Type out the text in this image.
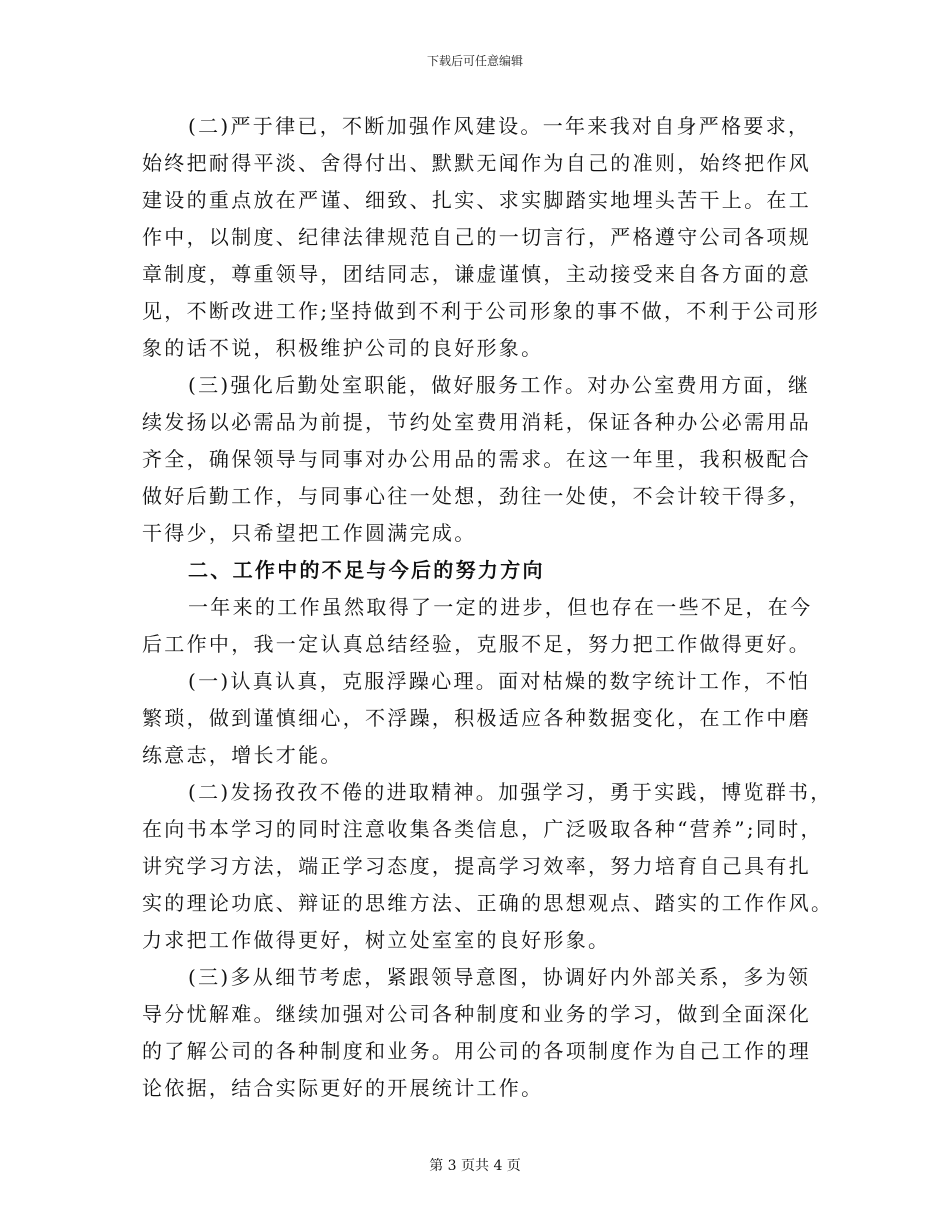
下载后可任意编辑
(二)严于律已，不断加强作风建设。一年来我对自身严格要求，
始终把耐得平淡、舍得付出、默默无闻作为自己的准则，始终把作风
建设的重点放在严谨、细致、扎实、求实脚踏实地埋头苦干上。在工
作中，以制度、纪律法律规范自己的一切言行，严格遵守公司各项规
章制度，尊重领导，团结同志，谦虚谨慎，主动接受来自各方面的意
见，不断改进工作;坚持做到不利于公司形象的事不做，不利于公司形
象的话不说，积极维护公司的良好形象。
(三)强化后勤处室职能，做好服务工作。对办公室费用方面，继
续发扬以必需品为前提，节约处室费用消耗，保证各种办公必需用品
齐全，确保领导与同事对办公用品的需求。在这一年里，我积极配合
做好后勤工作，与同事心往一处想，劲往一处使，不会计较干得多，
干得少，只希望把工作圆满完成。
二、工作中的不足与今后的努力方向
一年来的工作虽然取得了一定的进步，但也存在一些不足，在今
后工作中，我一定认真总结经验，克服不足，努力把工作做得更好。
(一)认真认真，克服浮躁心理。面对枯燥的数字统计工作，不怕
繁琐，做到谨慎细心，不浮躁，积极适应各种数据变化，在工作中磨
练意志，增长才能。
(二)发扬孜孜不倦的进取精神。加强学习，勇于实践，博览群书，
在向书本学习的同时注意收集各类信息，广泛吸取各种“营养”;同时，
讲究学习方法，端正学习态度，提高学习效率，努力培育自己具有扎
实的理论功底、辩证的思维方法、正确的思想观点、踏实的工作作风。
力求把工作做得更好，树立处室室的良好形象。
(三)多从细节考虑，紧跟领导意图，协调好内外部关系，多为领
导分忧解难。继续加强对公司各种制度和业务的学习，做到全面深化
的了解公司的各种制度和业务。用公司的各项制度作为自己工作的理
论依据，结合实际更好的开展统计工作。
第 3 页共 4 页
